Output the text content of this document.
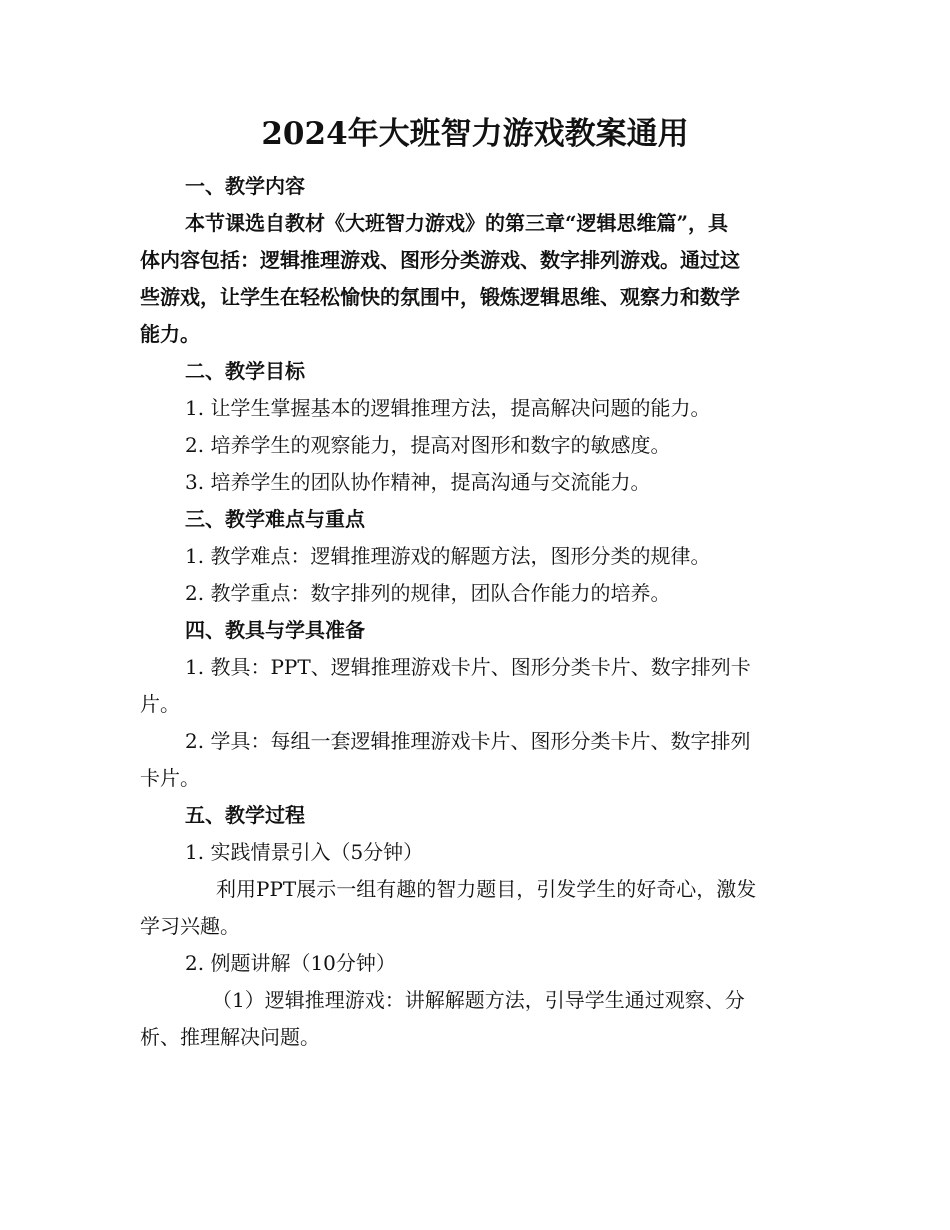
2024年大班智力游戏教案通用
一、教学内容
本节课选自教材《大班智力游戏》的第三章“逻辑思维篇”，具
体内容包括：逻辑推理游戏、图形分类游戏、数字排列游戏。通过这
些游戏，让学生在轻松愉快的氛围中，锻炼逻辑思维、观察力和数学
能力。
二、教学目标
1. 让学生掌握基本的逻辑推理方法，提高解决问题的能力。
2. 培养学生的观察能力，提高对图形和数字的敏感度。
3. 培养学生的团队协作精神，提高沟通与交流能力。
三、教学难点与重点
1. 教学难点：逻辑推理游戏的解题方法，图形分类的规律。
2. 教学重点：数字排列的规律，团队合作能力的培养。
四、教具与学具准备
1. 教具：PPT、逻辑推理游戏卡片、图形分类卡片、数字排列卡
片。
2. 学具：每组一套逻辑推理游戏卡片、图形分类卡片、数字排列
卡片。
五、教学过程
1. 实践情景引入（5分钟）
利用PPT展示一组有趣的智力题目，引发学生的好奇心，激发
学习兴趣。
2. 例题讲解（10分钟）
（1）逻辑推理游戏：讲解解题方法，引导学生通过观察、分
析、推理解决问题。
